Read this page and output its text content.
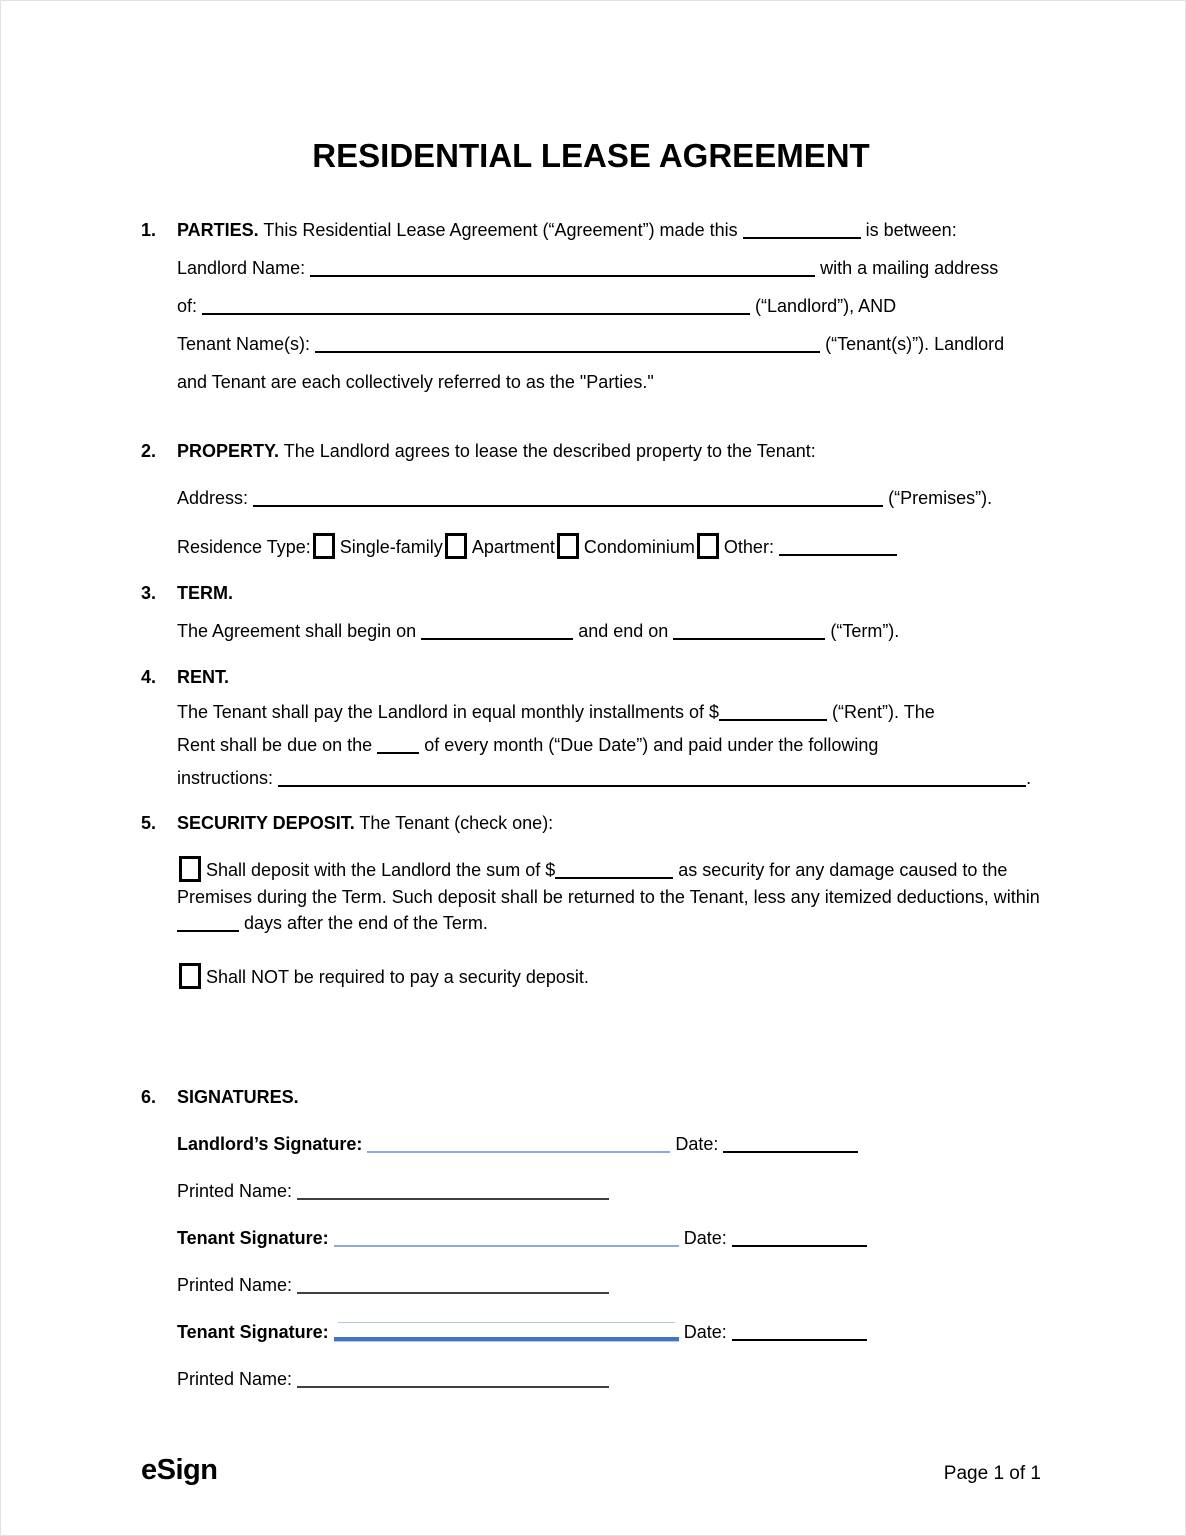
RESIDENTIAL LEASE AGREEMENT
1. PARTIES. This Residential Lease Agreement (“Agreement”) made this	is between:
Landlord Name:	with a mailing address
of:	(“Landlord”), AND
Tenant Name(s):	(“Tenant(s)”). Landlord
and Tenant are each collectively referred to as the "Parties."
2. PROPERTY. The Landlord agrees to lease the described property to the Tenant:
Address:	(“Premises”).
Residence Type: Single-family Apartment Condominium Other:
3. TERM.
The Agreement shall begin on	and end on	(“Term”).
4. RENT.
The Tenant shall pay the Landlord in equal monthly installments of $	(“Rent”). The
Rent shall be due on the	of every month (“Due Date”) and paid under the following
instructions:	.
5. SECURITY DEPOSIT. The Tenant (check one):
Shall deposit with the Landlord the sum of $	as security for any damage caused to the Premises during the Term. Such deposit shall be returned to the Tenant, less any itemized deductions, within  days after the end of the Term.
Shall NOT be required to pay a security deposit.
6. SIGNATURES.
Landlord’s Signature:	Date:
Printed Name:
Tenant Signature:	Date:
Printed Name:
Tenant Signature:	Date:
Printed Name:
eSign	Page 1 of 1
